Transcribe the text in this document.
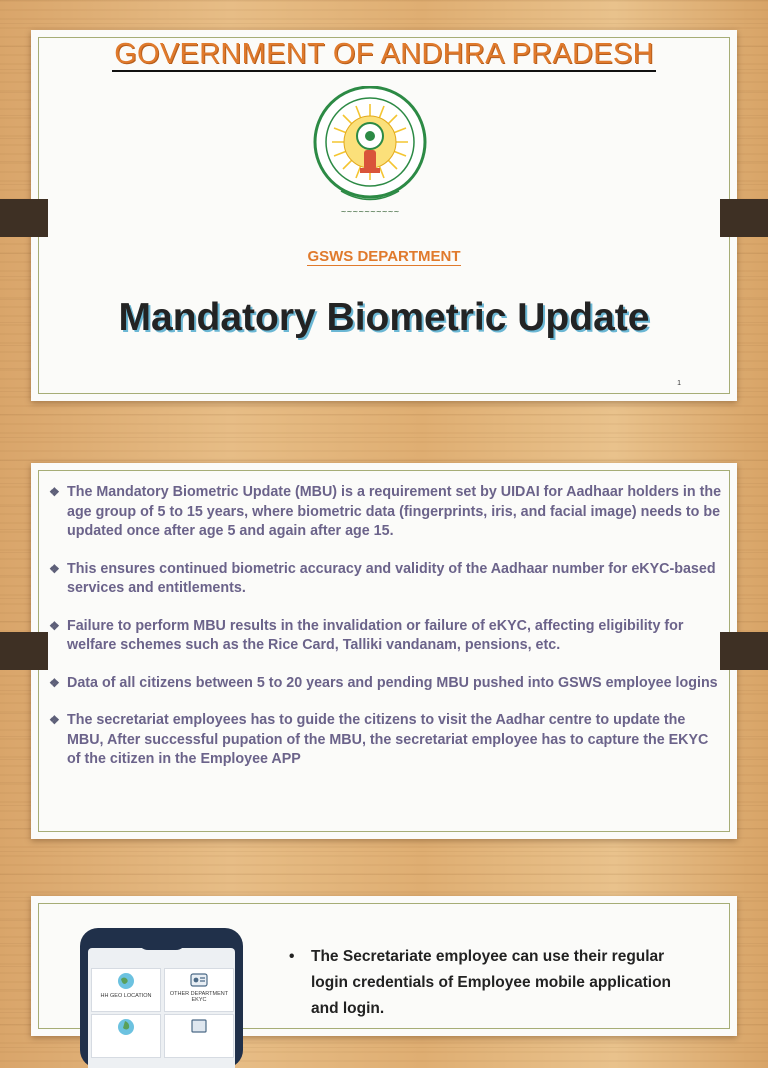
GOVERNMENT OF ANDHRA PRADESH
~~~~~~~~~~
GSWS DEPARTMENT
Mandatory Biometric Update
1
❖ The Mandatory Biometric Update (MBU) is a requirement set by UIDAI for Aadhaar holders in the age group of 5 to 15 years, where biometric data (fingerprints, iris, and facial image) needs to be updated once after age 5 and again after age 15.
❖ This ensures continued biometric accuracy and validity of the Aadhaar number for eKYC-based services and entitlements.
❖ Failure to perform MBU results in the invalidation or failure of eKYC, affecting eligibility for welfare schemes such as the Rice Card, Talliki vandanam, pensions, etc.
❖ Data of all citizens between 5 to 20 years and pending MBU pushed into GSWS employee logins
❖ The secretariat employees has to guide the citizens to visit the Aadhar centre to update the MBU, After successful pupation of the MBU, the secretariat employee has to capture the EKYC of the citizen in the Employee APP
HH GEO LOCATION	OTHER DEPARTMENT EKYC
•	The Secretariate employee can use their regular login credentials of Employee mobile application and login.
